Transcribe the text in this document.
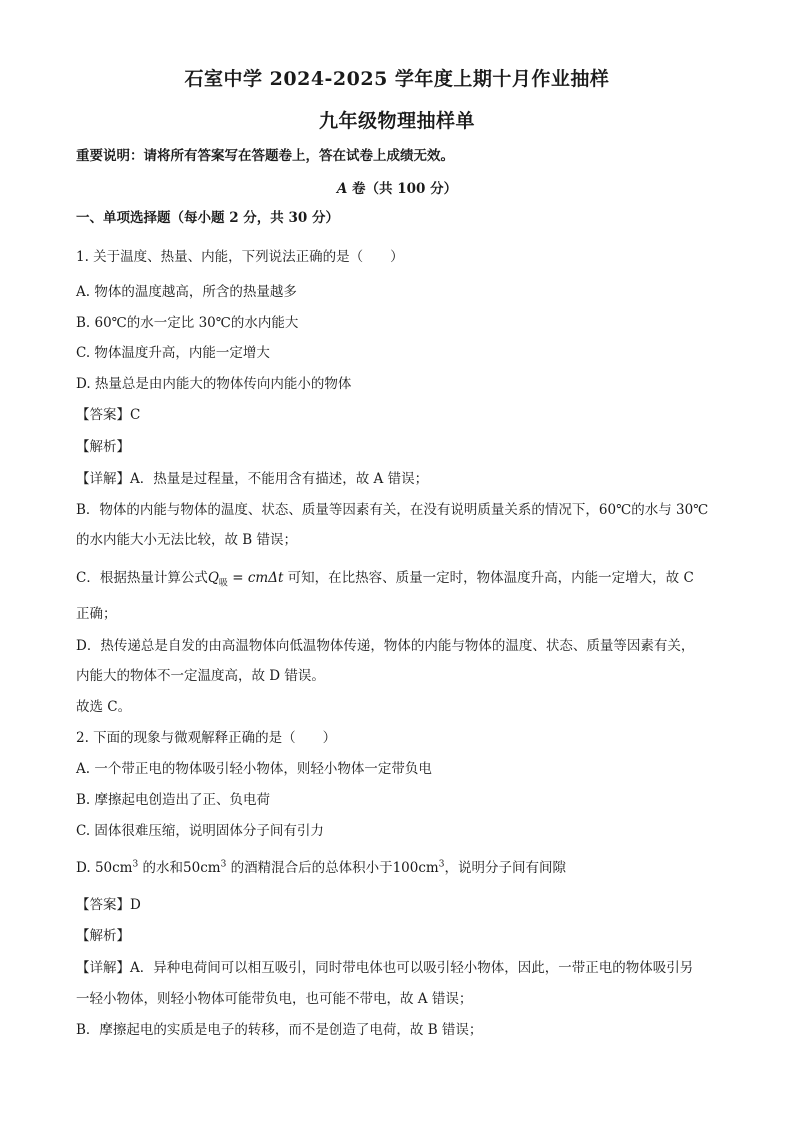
石室中学 2024-2025 学年度上期十月作业抽样
九年级物理抽样单
重要说明：请将所有答案写在答题卷上，答在试卷上成绩无效。
A 卷（共 100 分）
一、单项选择题（每小题 2 分，共 30 分）
1. 关于温度、热量、内能，下列说法正确的是（　　）
A. 物体的温度越高，所含的热量越多
B. 60℃的水一定比 30℃的水内能大
C. 物体温度升高，内能一定增大
D. 热量总是由内能大的物体传向内能小的物体
【答案】C
【解析】
【详解】A．热量是过程量，不能用含有描述，故 A 错误；
B．物体的内能与物体的温度、状态、质量等因素有关，在没有说明质量关系的情况下，60℃的水与 30℃
的水内能大小无法比较，故 B 错误；
C．根据热量计算公式$Q_吸 = cm\Delta t$ 可知，在比热容、质量一定时，物体温度升高，内能一定增大，故 C
正确；
D．热传递总是自发的由高温物体向低温物体传递，物体的内能与物体的温度、状态、质量等因素有关，
内能大的物体不一定温度高，故 D 错误。
故选 C。
2. 下面的现象与微观解释正确的是（　　）
A. 一个带正电的物体吸引轻小物体，则轻小物体一定带负电
B. 摩擦起电创造出了正、负电荷
C. 固体很难压缩，说明固体分子间有引力
D. $50cm^3$ 的水和$50cm^3$ 的酒精混合后的总体积小于$100cm^3$，说明分子间有间隙
【答案】D
【解析】
【详解】A．异种电荷间可以相互吸引，同时带电体也可以吸引轻小物体，因此，一带正电的物体吸引另
一轻小物体，则轻小物体可能带负电，也可能不带电，故 A 错误；
B．摩擦起电的实质是电子的转移，而不是创造了电荷，故 B 错误；
